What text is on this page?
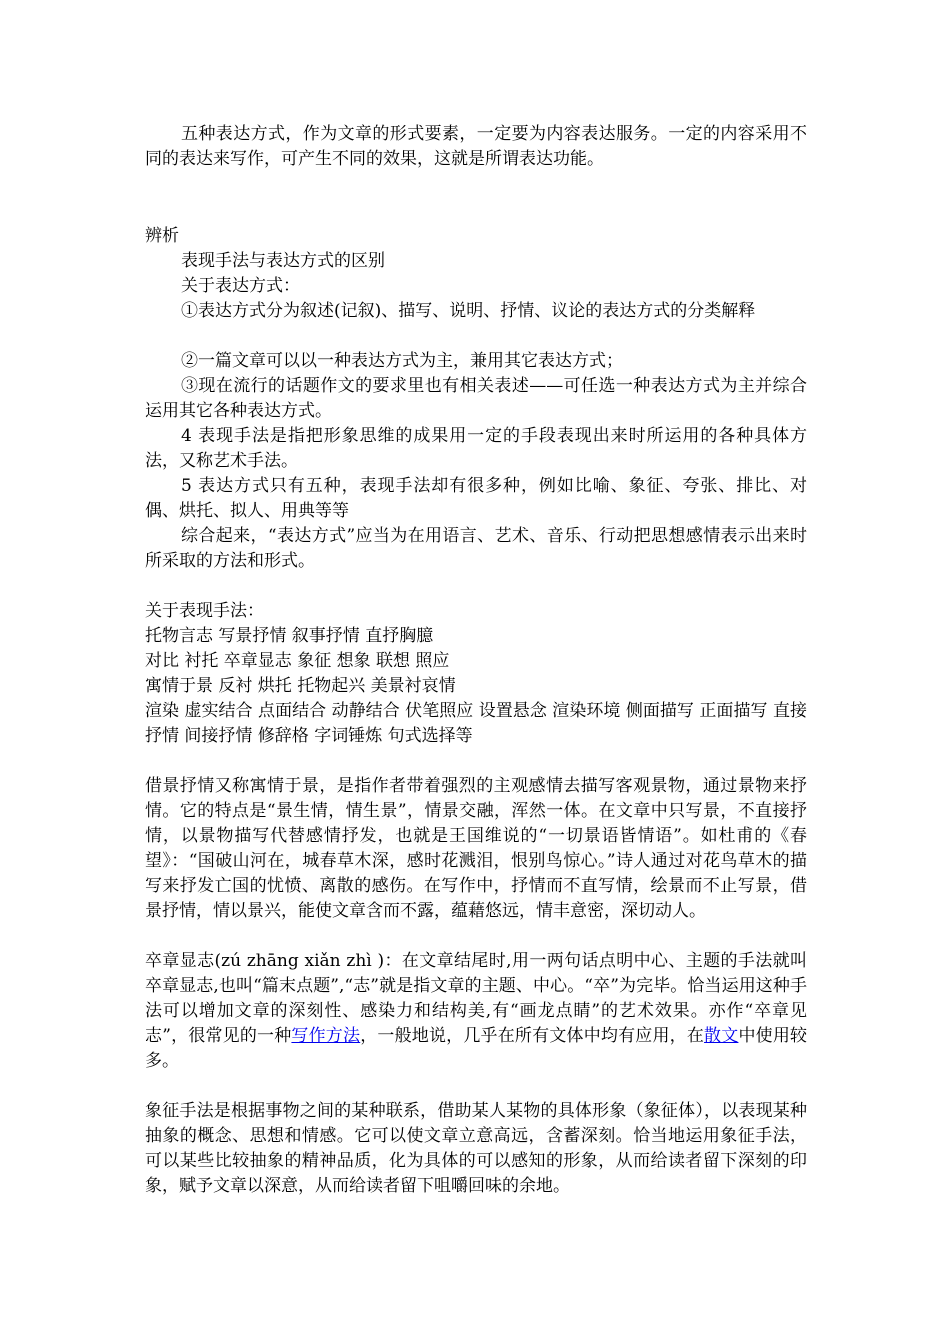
五种表达方式，作为文章的形式要素，一定要为内容表达服务。一定的内容采用不同的表达来写作，可产生不同的效果，这就是所谓表达功能。

辨析

表现手法与表达方式的区别

关于表达方式：

①表达方式分为叙述(记叙)、描写、说明、抒情、议论的表达方式的分类解释

②一篇文章可以以一种表达方式为主，兼用其它表达方式；

③现在流行的话题作文的要求里也有相关表述——可任选一种表达方式为主并综合运用其它各种表达方式。

4 表现手法是指把形象思维的成果用一定的手段表现出来时所运用的各种具体方法，又称艺术手法。

5 表达方式只有五种，表现手法却有很多种，例如比喻、象征、夸张、排比、对偶、烘托、拟人、用典等等

综合起来，“表达方式”应当为在用语言、艺术、音乐、行动把思想感情表示出来时所采取的方法和形式。

关于表现手法：

托物言志 写景抒情 叙事抒情 直抒胸臆

对比 衬托 卒章显志 象征 想象 联想 照应

寓情于景 反衬 烘托 托物起兴 美景衬哀情

渲染 虚实结合 点面结合 动静结合 伏笔照应 设置悬念 渲染环境 侧面描写 正面描写 直接抒情 间接抒情 修辞格 字词锤炼 句式选择等

借景抒情又称寓情于景，是指作者带着强烈的主观感情去描写客观景物，通过景物来抒情。它的特点是“景生情，情生景”，情景交融，浑然一体。在文章中只写景，不直接抒情，以景物描写代替感情抒发，也就是王国维说的“一切景语皆情语”。如杜甫的《春望》：“国破山河在，城春草木深，感时花溅泪，恨别鸟惊心。”诗人通过对花鸟草木的描写来抒发亡国的忧愤、离散的感伤。在写作中，抒情而不直写情，绘景而不止写景，借景抒情，情以景兴，能使文章含而不露，蕴藉悠远，情丰意密，深切动人。

卒章显志(zú zhāng xiǎn zhì )：在文章结尾时,用一两句话点明中心、主题的手法就叫卒章显志,也叫“篇末点题”,“志”就是指文章的主题、中心。“卒”为完毕。恰当运用这种手法可以增加文章的深刻性、感染力和结构美,有“画龙点睛”的艺术效果。亦作“卒章见志”，很常见的一种写作方法，一般地说，几乎在所有文体中均有应用，在散文中使用较多。

象征手法是根据事物之间的某种联系，借助某人某物的具体形象（象征体），以表现某种抽象的概念、思想和情感。它可以使文章立意高远，含蓄深刻。恰当地运用象征手法，可以某些比较抽象的精神品质，化为具体的可以感知的形象，从而给读者留下深刻的印象，赋予文章以深意，从而给读者留下咀嚼回味的余地。
